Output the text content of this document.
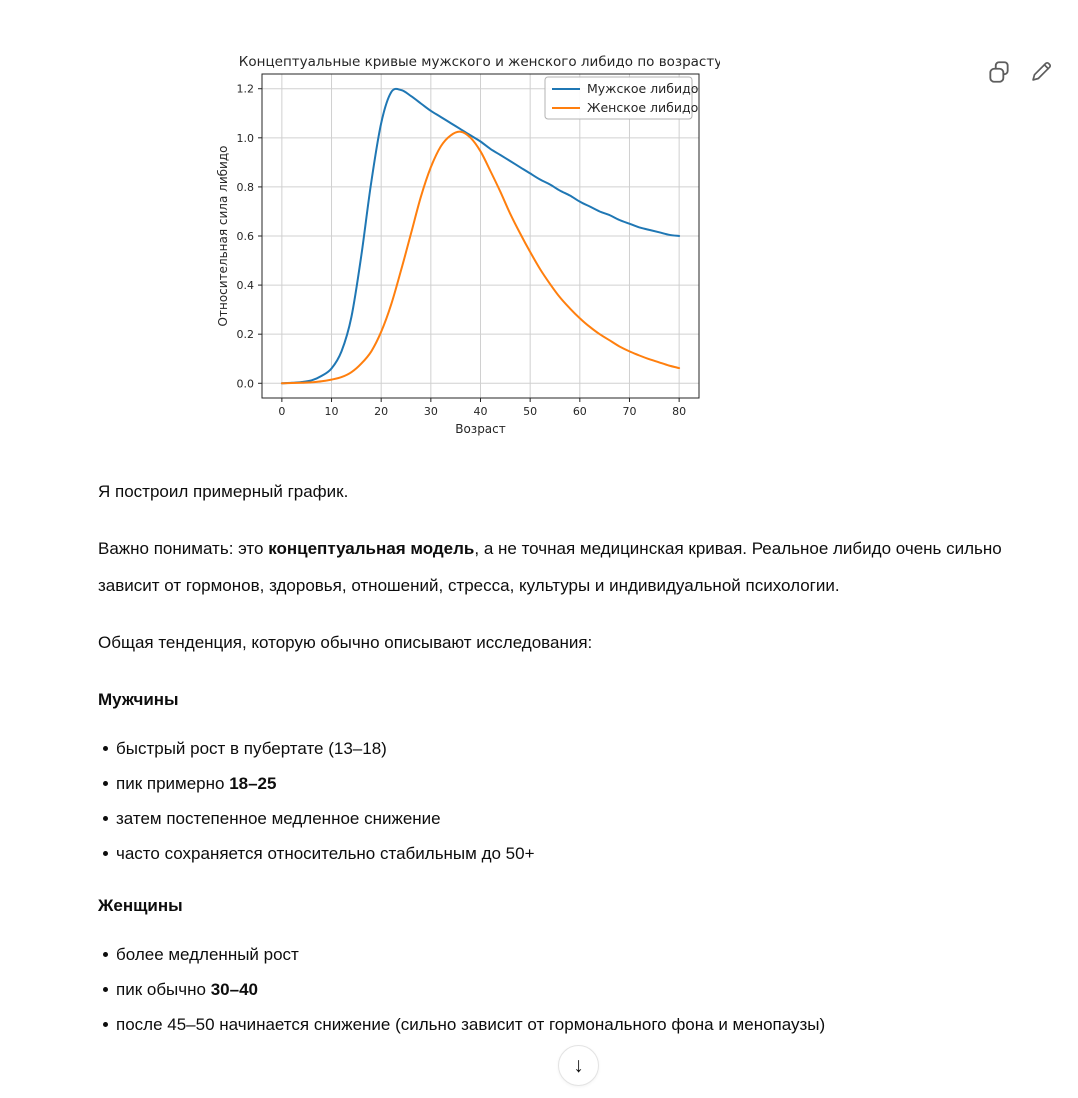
0	10	20	30	40	50	60	70	80
0.0
0.2
0.4
0.6
0.8
1.0
1.2
Концептуальные кривые мужского и женского либидо по возрасту
Возраст
Относительная сила либидо
Мужское либидо
Женское либидо

Я построил примерный график.

Важно понимать: это концептуальная модель, а не точная медицинская кривая. Реальное либидо очень сильно зависит от гормонов, здоровья, отношений, стресса, культуры и индивидуальной психологии.

Общая тенденция, которую обычно описывают исследования:

Мужчины
быстрый рост в пубертате (13–18)
пик примерно 18–25
затем постепенное медленное снижение
часто сохраняется относительно стабильным до 50+
Женщины
более медленный рост
пик обычно 30–40
после 45–50 начинается снижение (сильно зависит от гормонального фона и менопаузы)
↓
